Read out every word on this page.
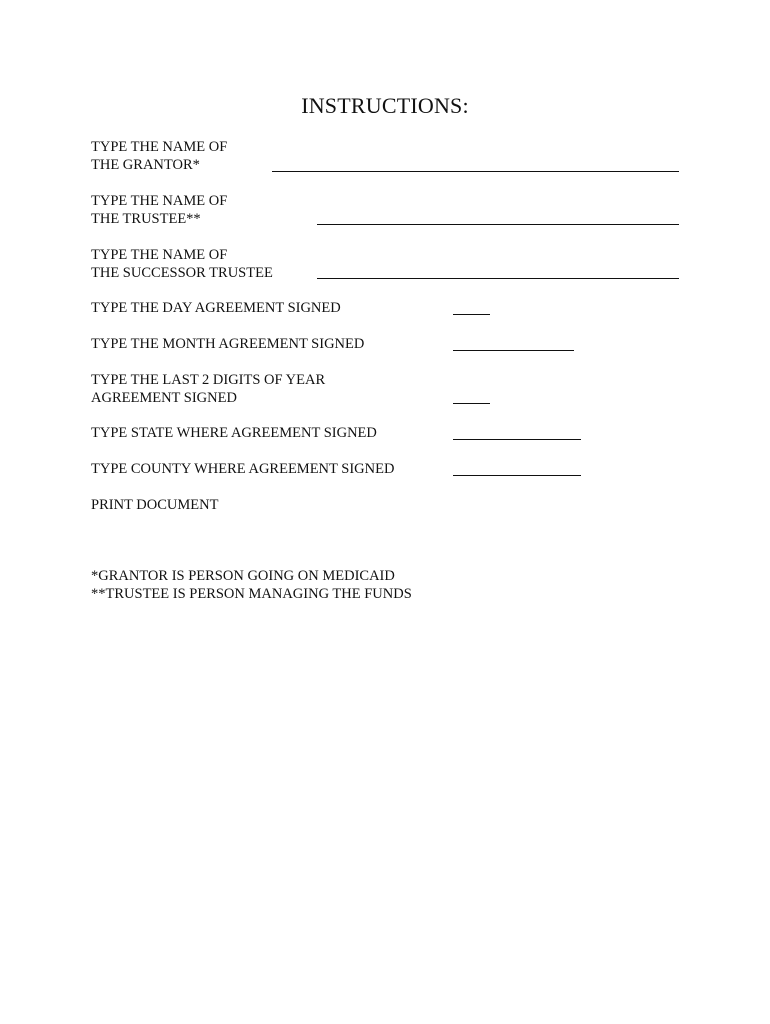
INSTRUCTIONS:
TYPE THE NAME OF
THE GRANTOR*
TYPE THE NAME OF
THE TRUSTEE**
TYPE THE NAME OF
THE SUCCESSOR TRUSTEE
TYPE THE DAY AGREEMENT SIGNED
TYPE THE MONTH AGREEMENT SIGNED
TYPE THE LAST 2 DIGITS OF YEAR
AGREEMENT SIGNED
TYPE STATE WHERE AGREEMENT SIGNED
TYPE COUNTY WHERE AGREEMENT SIGNED
PRINT DOCUMENT
*GRANTOR IS PERSON GOING ON MEDICAID
**TRUSTEE IS PERSON MANAGING THE FUNDS
